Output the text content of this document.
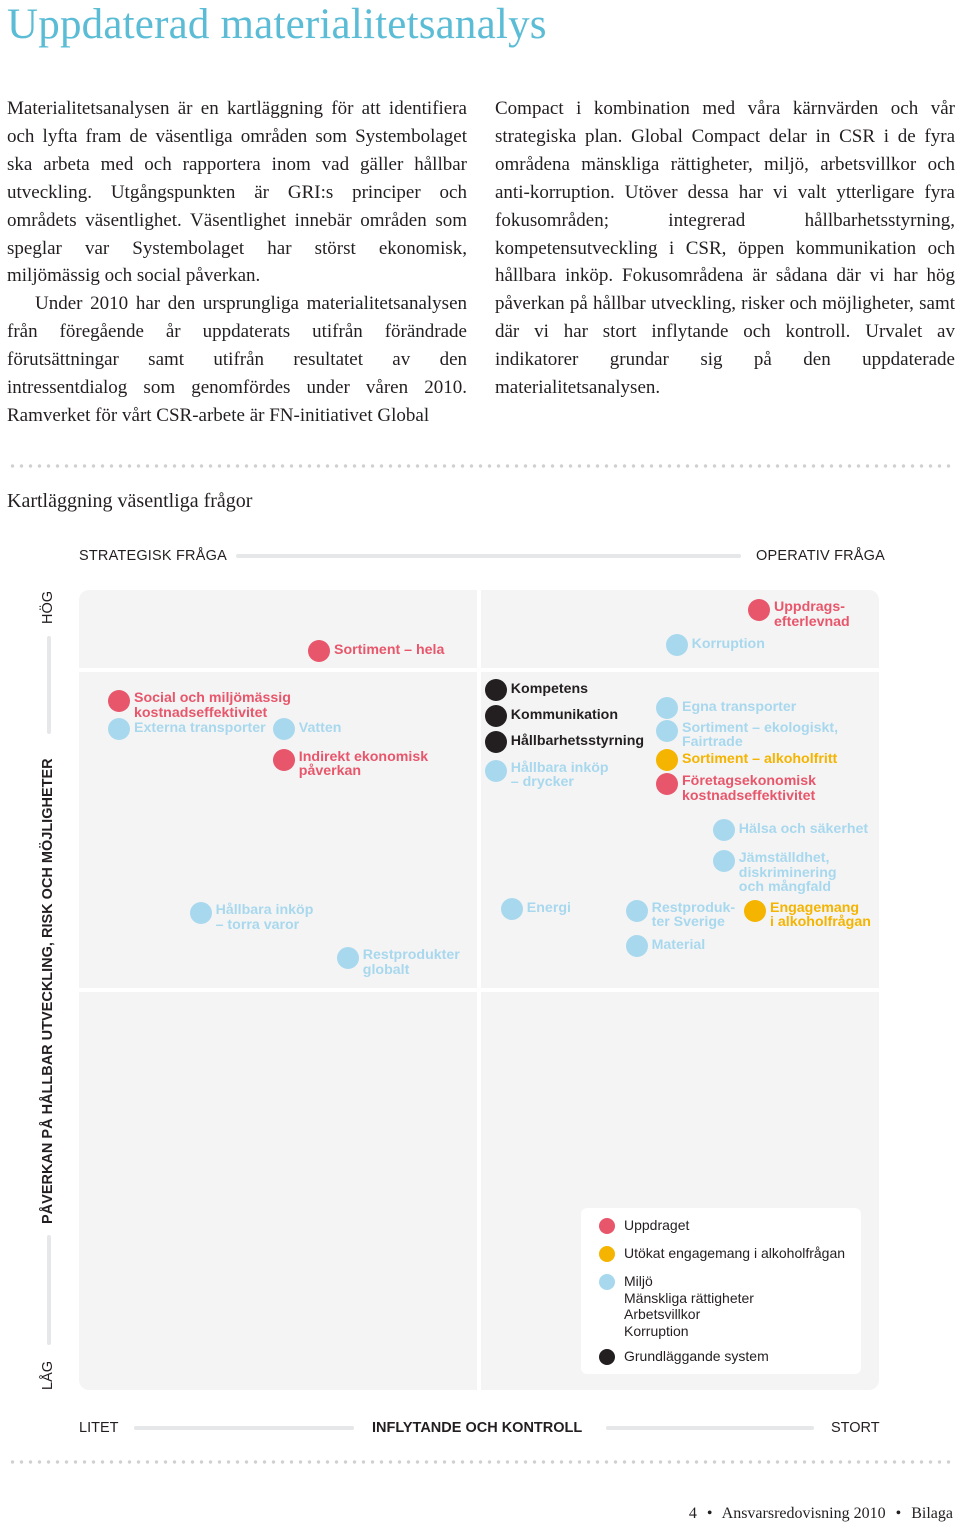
Uppdaterad materialitetsanalys

Materialitetsanalysen är en kartläggning för att identifiera och lyfta fram de väsentliga områden som Systembolaget ska arbeta med och rapportera inom vad gäller hållbar utveckling. Utgångspunkten är GRI:s principer och områdets väsentlighet. Väsentlighet innebär områden som speglar var Systembolaget har störst ekonomisk, miljömässig och social påverkan.

Under 2010 har den ursprungliga materialitetsanalysen från föregående år uppdaterats utifrån förändrade förutsättningar samt utifrån resultatet av den intressentdialog som genomfördes under våren 2010. Ramverket för vårt CSR-arbete är FN-initiativet Global

Compact i kombination med våra kärnvärden och vår strategiska plan. Global Compact delar in CSR i de fyra områdena mänskliga rättigheter, miljö, arbetsvillkor och anti-korruption. Utöver dessa har vi valt ytterligare fyra fokusområden; integrerad hållbarhetsstyrning, kompetensutveckling i CSR, öppen kommunikation och hållbara inköp. Fokusområdena är sådana där vi har hög påverkan på hållbar utveckling, risker och möjligheter, samt där vi har stort inflytande och kontroll. Urvalet av indikatorer grundar sig på den uppdaterade materialitetsanalysen.

Kartläggning väsentliga frågor
STRATEGISK FRÅGA	OPERATIV FRÅGA
HÖG
PÅVERKAN PÅ HÅLLBAR UTVECKLING, RISK OCH MÖJLIGHETER
LÅG
Uppdrags-
efterlevnad
Sortiment – hela	Korruption
Social och miljömässig
kostnadseffektivitet
Externa transporter Vatten
Indirekt ekonomisk
påverkan
Kompetens
Kommunikation
Hållbarhetsstyrning
Hållbara inköp
– drycker
Egna transporter
Sortiment – ekologiskt,
Fairtrade
Sortiment – alkoholfritt
Företagsekonomisk
kostnadseffektivitet
Hälsa och säkerhet
Jämställdhet,
diskriminering
och mångfald
Hållbara inköp
– torra varor
Energi	Restproduk-
ter Sverige
Engagemang
i alkoholfrågan
Material
Restprodukter
globalt
Uppdraget
Utökat engagemang i alkoholfrågan
Miljö
Mänskliga rättigheter
Arbetsvillkor
Korruption
Grundläggande system
LITET	INFLYTANDE OCH KONTROLL	STORT
4 • Ansvarsredovisning 2010 • Bilaga
